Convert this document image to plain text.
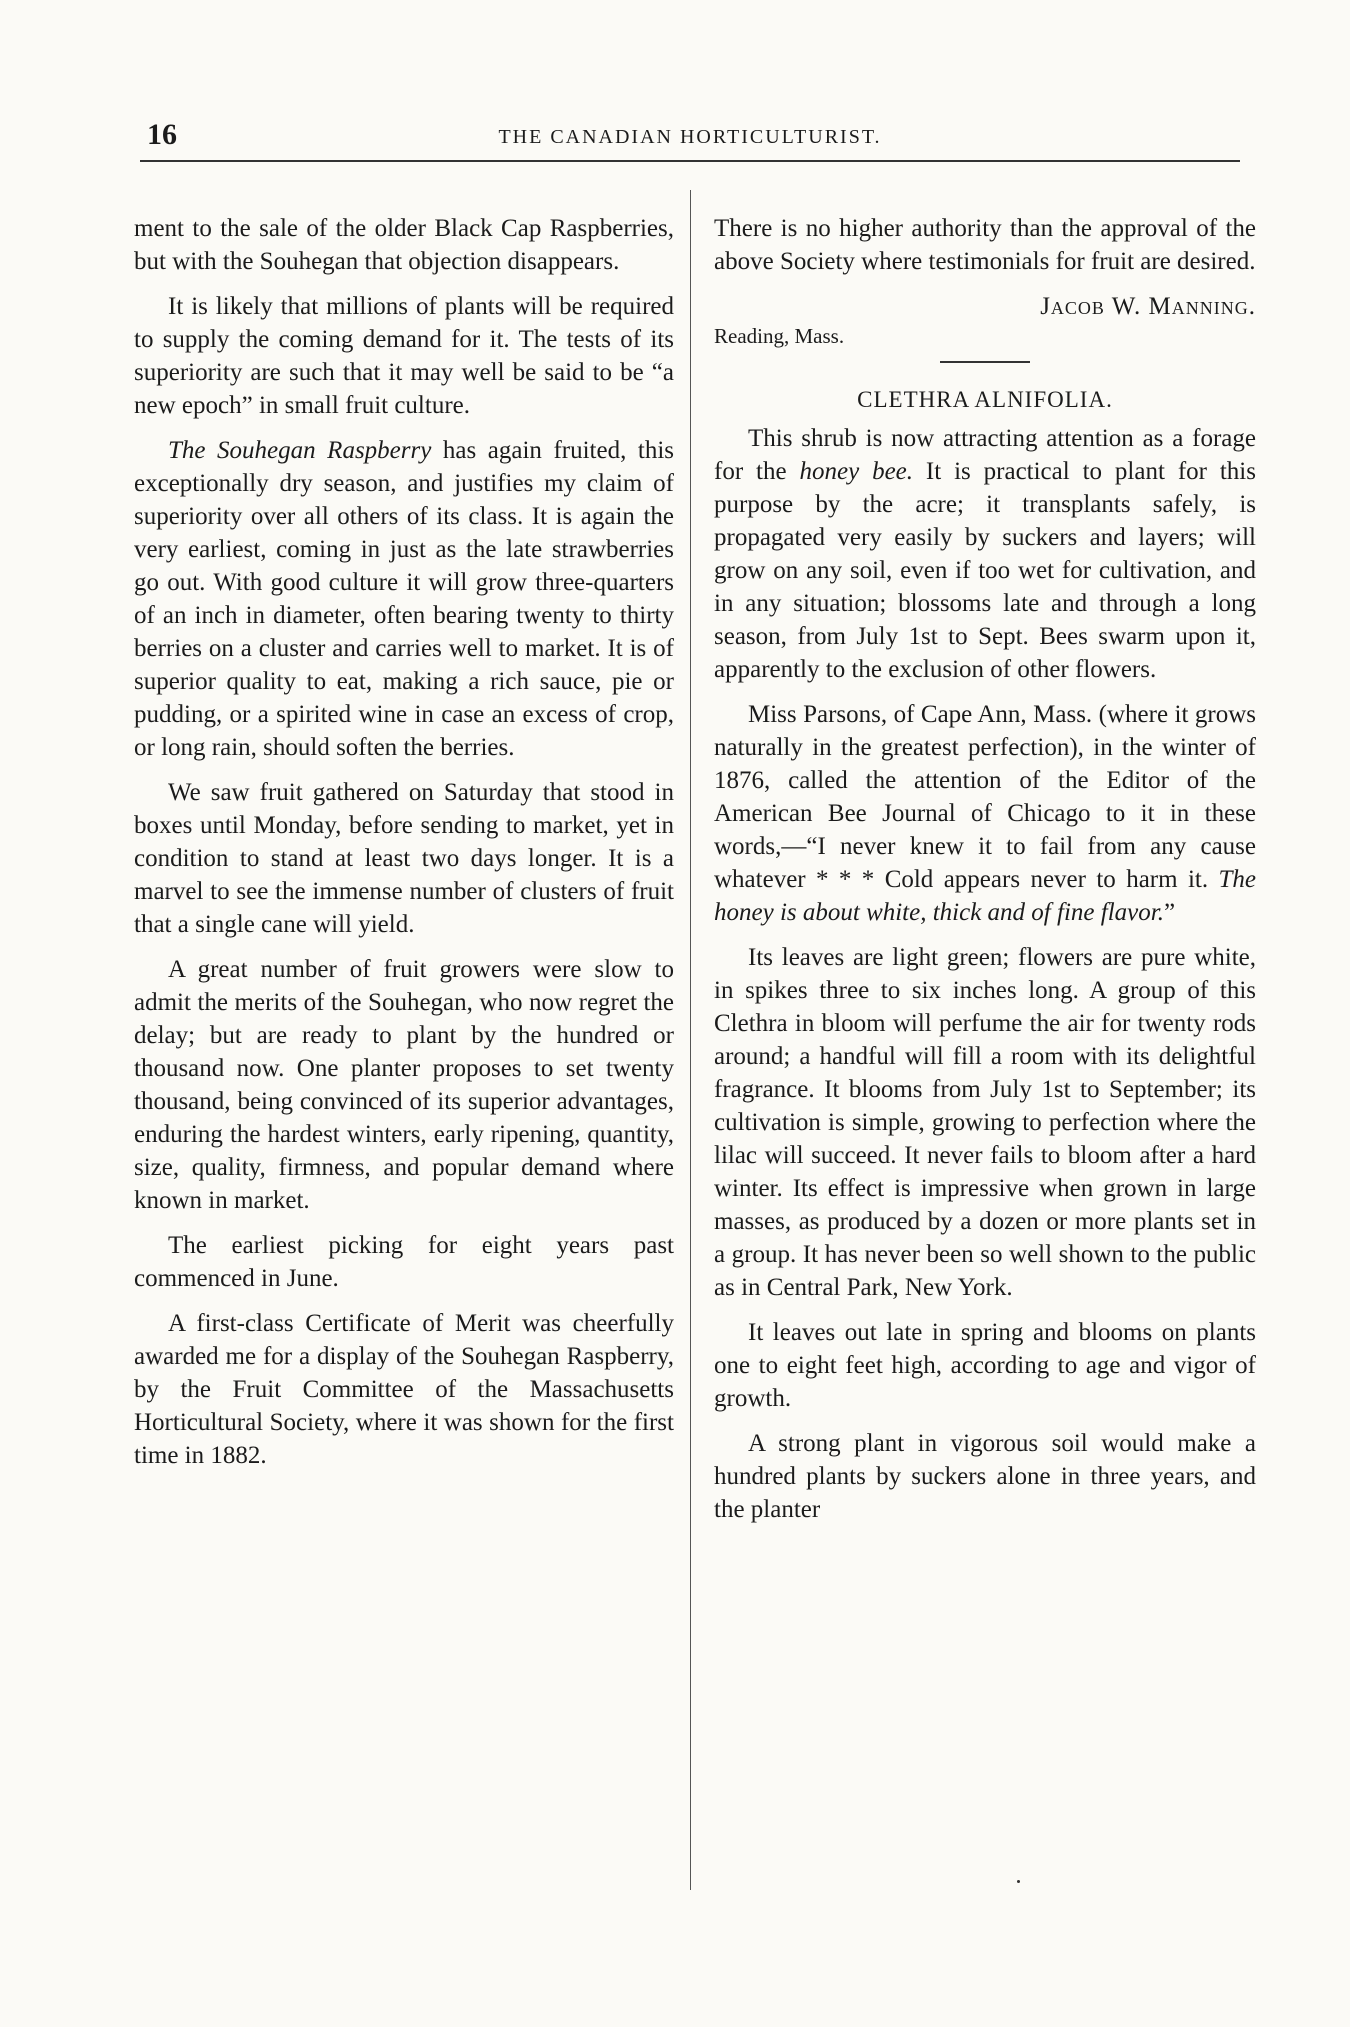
16	THE CANADIAN HORTICULTURIST.

ment to the sale of the older Black Cap Raspberries, but with the Souhegan that objection disappears.

It is likely that millions of plants will be required to supply the coming demand for it. The tests of its superiority are such that it may well be said to be “a new epoch” in small fruit culture.

The Souhegan Raspberry has again fruited, this exceptionally dry season, and justifies my claim of superiority over all others of its class. It is again the very earliest, coming in just as the late strawberries go out. With good culture it will grow three-quarters of an inch in diameter, often bearing twenty to thirty berries on a cluster and carries well to market. It is of superior quality to eat, making a rich sauce, pie or pudding, or a spirited wine in case an excess of crop, or long rain, should soften the berries.

We saw fruit gathered on Saturday that stood in boxes until Monday, before sending to market, yet in condition to stand at least two days longer. It is a marvel to see the immense number of clusters of fruit that a single cane will yield.

A great number of fruit growers were slow to admit the merits of the Souhegan, who now regret the delay; but are ready to plant by the hundred or thousand now. One planter proposes to set twenty thousand, being convinced of its superior advantages, enduring the hardest winters, early ripening, quantity, size, quality, firmness, and popular demand where known in market.

The earliest picking for eight years past commenced in June.

A first-class Certificate of Merit was cheerfully awarded me for a display of the Souhegan Raspberry, by the Fruit Committee of the Massachusetts Horticultural Society, where it was shown for the first time in 1882.

There is no higher authority than the approval of the above Society where testimonials for fruit are desired.

Jacob W. Manning.
Reading, Mass.
CLETHRA ALNIFOLIA.

This shrub is now attracting attention as a forage for the honey bee. It is practical to plant for this purpose by the acre; it transplants safely, is propagated very easily by suckers and layers; will grow on any soil, even if too wet for cultivation, and in any situation; blossoms late and through a long season, from July 1st to Sept. Bees swarm upon it, apparently to the exclusion of other flowers.

Miss Parsons, of Cape Ann, Mass. (where it grows naturally in the greatest perfection), in the winter of 1876, called the attention of the Editor of the American Bee Journal of Chicago to it in these words,—“I never knew it to fail from any cause whatever * * * Cold appears never to harm it. The honey is about white, thick and of fine flavor.”

Its leaves are light green; flowers are pure white, in spikes three to six inches long. A group of this Clethra in bloom will perfume the air for twenty rods around; a handful will fill a room with its delightful fragrance. It blooms from July 1st to September; its cultivation is simple, growing to perfection where the lilac will succeed. It never fails to bloom after a hard winter. Its effect is impressive when grown in large masses, as produced by a dozen or more plants set in a group. It has never been so well shown to the public as in Central Park, New York.

It leaves out late in spring and blooms on plants one to eight feet high, according to age and vigor of growth.

A strong plant in vigorous soil would make a hundred plants by suckers alone in three years, and the planter
